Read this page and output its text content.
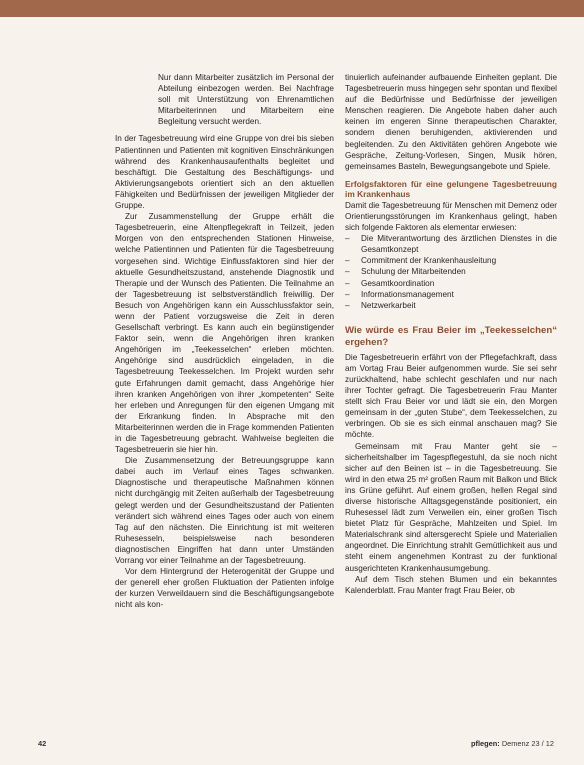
Nur dann Mitarbeiter zusätzlich im Personal der Abteilung einbezogen werden. Bei Nachfrage soll mit Unterstützung von Ehrenamtlichen Mitarbeiterinnen und Mitarbeitern eine Begleitung versucht werden.

In der Tagesbetreuung wird eine Gruppe von drei bis sieben Patientinnen und Patienten mit kognitiven Einschränkungen während des Krankenhausaufenthalts begleitet und beschäftigt. Die Gestaltung des Beschäftigungs- und Aktivierungsangebots orientiert sich an den aktuellen Fähigkeiten und Bedürfnissen der jeweiligen Mitglieder der Gruppe.

Zur Zusammenstellung der Gruppe erhält die Tagesbetreuerin, eine Altenpflegekraft in Teilzeit, jeden Morgen von den entsprechenden Stationen Hinweise, welche Patientinnen und Patienten für die Tagesbetreuung vorgesehen sind. Wichtige Einflussfaktoren sind hier der aktuelle Gesundheitszustand, anstehende Diagnostik und Therapie und der Wunsch des Patienten. Die Teilnahme an der Tagesbetreuung ist selbstverständlich freiwillig. Der Besuch von Angehörigen kann ein Ausschlussfaktor sein, wenn der Patient vorzugsweise die Zeit in deren Gesellschaft verbringt. Es kann auch ein begünstigender Faktor sein, wenn die Angehörigen ihren kranken Angehörigen im „Teekesselchen“ erleben möchten. Angehörige sind ausdrücklich eingeladen, in die Tagesbetreuung Teekesselchen. Im Projekt wurden sehr gute Erfahrungen damit gemacht, dass Angehörige hier ihren kranken Angehörigen von ihrer „kompetenten“ Seite her erleben und Anregungen für den eigenen Umgang mit der Erkrankung finden. In Absprache mit den Mitarbeiterinnen werden die in Frage kommenden Patienten in die Tagesbetreuung gebracht. Wahlweise begleiten die Tagesbetreuerin sie hier hin.

Die Zusammensetzung der Betreuungsgruppe kann dabei auch im Verlauf eines Tages schwanken. Diagnostische und therapeutische Maßnahmen können nicht durchgängig mit Zeiten außerhalb der Tagesbetreuung gelegt werden und der Gesundheitszustand der Patienten verändert sich während eines Tages oder auch von einem Tag auf den nächsten. Die Einrichtung ist mit weiteren Ruhesesseln, beispielsweise nach besonderen diagnostischen Eingriffen hat dann unter Umständen Vorrang vor einer Teilnahme an der Tagesbetreuung.

Vor dem Hintergrund der Heterogenität der Gruppe und der generell eher großen Fluktuation der Patienten infolge der kurzen Verweildauern sind die Beschäftigungsangebote nicht als kon-

tinuierlich aufeinander aufbauende Einheiten geplant. Die Tagesbetreuerin muss hingegen sehr spontan und flexibel auf die Bedürfnisse und Bedürfnisse der jeweiligen Menschen reagieren. Die Angebote haben daher auch keinen im engeren Sinne therapeutischen Charakter, sondern dienen beruhigenden, aktivierenden und begleitenden. Zu den Aktivitäten gehören Angebote wie Gespräche, Zeitung-Vorlesen, Singen, Musik hören, gemeinsames Basteln, Bewegungsangebote und Spiele.

Erfolgsfaktoren für eine gelungene Tagesbetreuung im Krankenhaus

Damit die Tagesbetreuung für Menschen mit Demenz oder Orientierungsstörungen im Krankenhaus gelingt, haben sich folgende Faktoren als elementar erwiesen:

– Die Mitverantwortung des ärztlichen Dienstes in die Gesamtkonzept
– Commitment der Krankenhausleitung
– Schulung der Mitarbeitenden
– Gesamtkoordination
– Informationsmanagement
– Netzwerkarbeit
Wie würde es Frau Beier im „Teekesselchen“ ergehen?

Die Tagesbetreuerin erfährt von der Pflegefachkraft, dass am Vortag Frau Beier aufgenommen wurde. Sie sei sehr zurückhaltend, habe schlecht geschlafen und nur nach ihrer Tochter gefragt. Die Tagesbetreuerin Frau Manter stellt sich Frau Beier vor und lädt sie ein, den Morgen gemeinsam in der „guten Stube“, dem Teekesselchen, zu verbringen. Ob sie es sich einmal anschauen mag? Sie möchte.

Gemeinsam mit Frau Manter geht sie – sicherheitshalber im Tagespflegestuhl, da sie noch nicht sicher auf den Beinen ist – in die Tagesbetreuung. Sie wird in den etwa 25 m² großen Raum mit Balkon und Blick ins Grüne geführt. Auf einem großen, hellen Regal sind diverse historische Alltagsgegenstände positioniert, ein Ruhesessel lädt zum Verweilen ein, einer großen Tisch bietet Platz für Gespräche, Mahlzeiten und Spiel. Im Materialschrank sind altersgerecht Spiele und Materialien angeordnet. Die Einrichtung strahlt Gemütlichkeit aus und steht einem angenehmen Kontrast zu der funktional ausgerichteten Krankenhausumgebung.

Auf dem Tisch stehen Blumen und ein bekanntes Kalenderblatt. Frau Manter fragt Frau Beier, ob

42	pflegen: Demenz 23 / 12
